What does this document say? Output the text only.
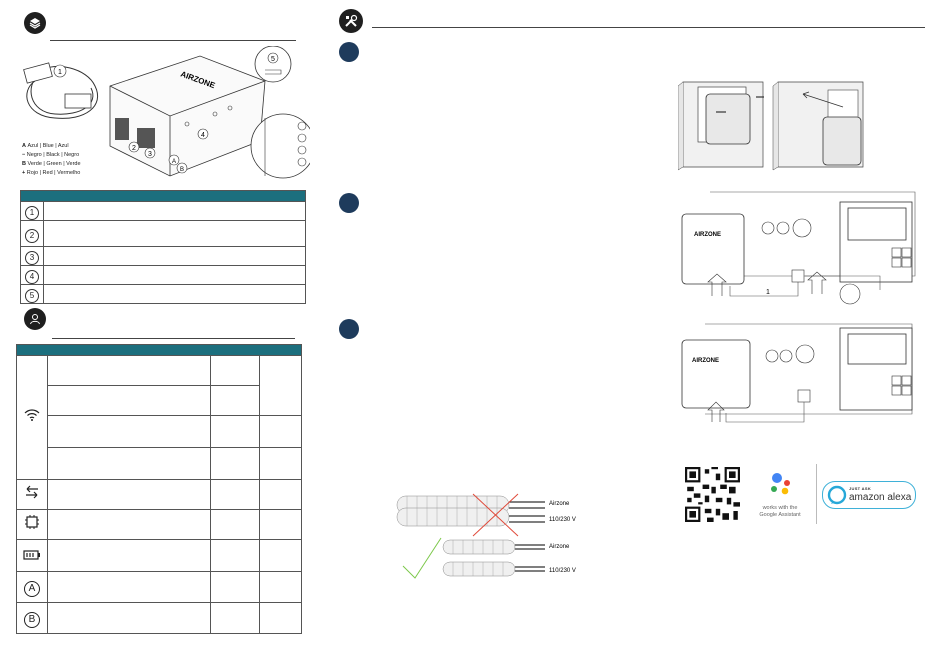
1	AIRZONE
2
3
4
A
B
5
A Azul | Blue | Azul
− Negro | Black | Negro
B Verde | Green | Verde
+ Rojo | Red | Vermelho

1	
2	
3	
4	
5	

A			
B			
AIRZONE
1
AIRZONE
Airzone
110/230 V
Airzone
110/230 V
works with the
Google Assistant
JUST ASK
amazon alexa
